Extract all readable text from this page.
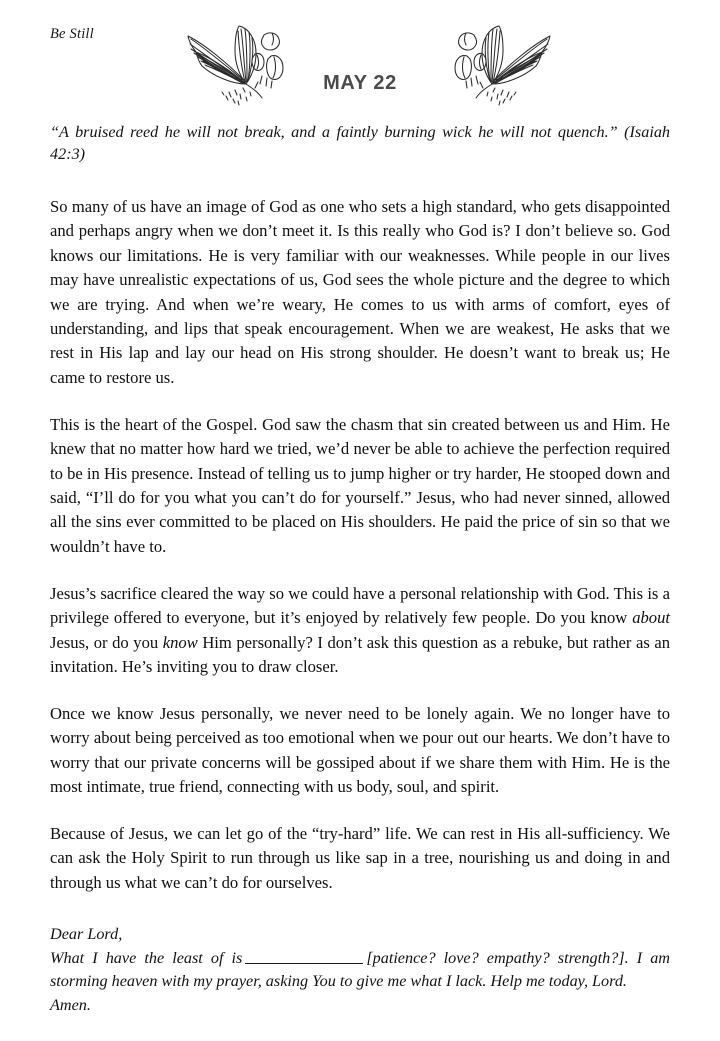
Be Still
MAY 22
“A bruised reed he will not break, and a faintly burning wick he will not quench.” (Isaiah 42:3)

So many of us have an image of God as one who sets a high standard, who gets disappointed and perhaps angry when we don’t meet it. Is this really who God is? I don’t believe so. God knows our limitations. He is very familiar with our weaknesses. While people in our lives may have unrealistic expectations of us, God sees the whole picture and the degree to which we are trying. And when we’re weary, He comes to us with arms of comfort, eyes of understanding, and lips that speak encouragement. When we are weakest, He asks that we rest in His lap and lay our head on His strong shoulder. He doesn’t want to break us; He came to restore us.

This is the heart of the Gospel. God saw the chasm that sin created between us and Him. He knew that no matter how hard we tried, we’d never be able to achieve the perfection required to be in His presence. Instead of telling us to jump higher or try harder, He stooped down and said, “I’ll do for you what you can’t do for yourself.” Jesus, who had never sinned, allowed all the sins ever committed to be placed on His shoulders. He paid the price of sin so that we wouldn’t have to.

Jesus’s sacrifice cleared the way so we could have a personal relationship with God. This is a privilege offered to everyone, but it’s enjoyed by relatively few people. Do you know about Jesus, or do you know Him personally? I don’t ask this question as a rebuke, but rather as an invitation. He’s inviting you to draw closer.

Once we know Jesus personally, we never need to be lonely again. We no longer have to worry about being perceived as too emotional when we pour out our hearts. We don’t have to worry that our private concerns will be gossiped about if we share them with Him. He is the most intimate, true friend, connecting with us body, soul, and spirit.

Because of Jesus, we can let go of the “try-hard” life. We can rest in His all-sufficiency. We can ask the Holy Spirit to run through us like sap in a tree, nourishing us and doing in and through us what we can’t do for ourselves.

Dear Lord,
What I have the least of is	[patience? love? empathy? strength?]. I am storming heaven with my prayer, asking You to give me what I lack. Help me today, Lord.
Amen.
